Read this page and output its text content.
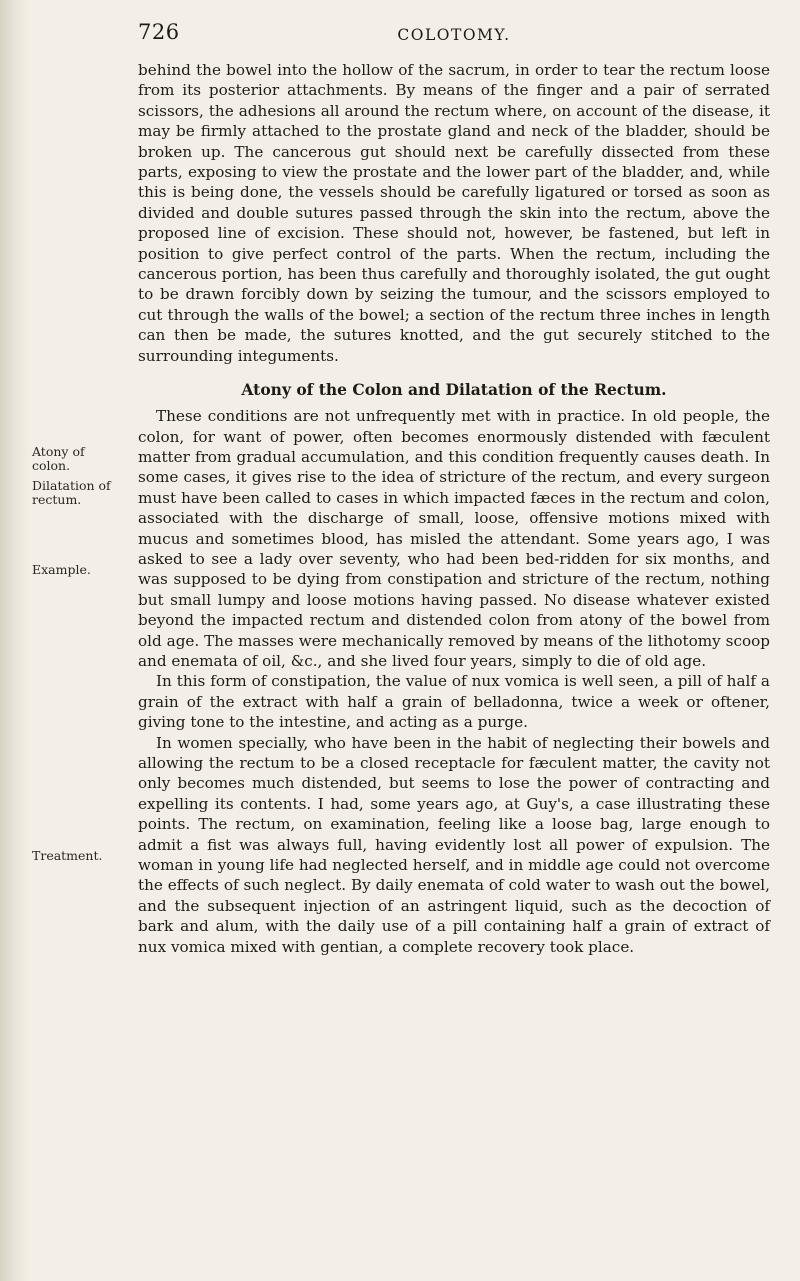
726	COLOTOMY.
Atony of colon.
Dilatation of rectum.
Example.
Treatment.

behind the bowel into the hollow of the sacrum, in order to tear the rectum loose from its posterior attachments. By means of the finger and a pair of serrated scissors, the adhesions all around the rectum where, on account of the disease, it may be firmly attached to the prostate gland and neck of the bladder, should be broken up. The cancerous gut should next be carefully dissected from these parts, exposing to view the prostate and the lower part of the bladder, and, while this is being done, the vessels should be carefully ligatured or torsed as soon as divided and double sutures passed through the skin into the rectum, above the proposed line of excision. These should not, however, be fastened, but left in position to give perfect control of the parts. When the rectum, including the cancerous portion, has been thus carefully and thoroughly isolated, the gut ought to be drawn forcibly down by seizing the tumour, and the scissors employed to cut through the walls of the bowel; a section of the rectum three inches in length can then be made, the sutures knotted, and the gut securely stitched to the surrounding integuments.

Atony of the Colon and Dilatation of the Rectum.

These conditions are not unfrequently met with in practice. In old people, the colon, for want of power, often becomes enormously distended with fæculent matter from gradual accumulation, and this condition frequently causes death. In some cases, it gives rise to the idea of stricture of the rectum, and every surgeon must have been called to cases in which impacted fæces in the rectum and colon, associated with the discharge of small, loose, offensive motions mixed with mucus and sometimes blood, has misled the attendant. Some years ago, I was asked to see a lady over seventy, who had been bed-ridden for six months, and was supposed to be dying from constipation and stricture of the rectum, nothing but small lumpy and loose motions having passed. No disease whatever existed beyond the impacted rectum and distended colon from atony of the bowel from old age. The masses were mechanically removed by means of the lithotomy scoop and enemata of oil, &c., and she lived four years, simply to die of old age.

In this form of constipation, the value of nux vomica is well seen, a pill of half a grain of the extract with half a grain of belladonna, twice a week or oftener, giving tone to the intestine, and acting as a purge.

In women specially, who have been in the habit of neglecting their bowels and allowing the rectum to be a closed receptacle for fæculent matter, the cavity not only becomes much distended, but seems to lose the power of contracting and expelling its contents. I had, some years ago, at Guy's, a case illustrating these points. The rectum, on examination, feeling like a loose bag, large enough to admit a fist was always full, having evidently lost all power of expulsion. The woman in young life had neglected herself, and in middle age could not overcome the effects of such neglect. By daily enemata of cold water to wash out the bowel, and the subsequent injection of an astringent liquid, such as the decoction of bark and alum, with the daily use of a pill containing half a grain of extract of nux vomica mixed with gentian, a complete recovery took place.
